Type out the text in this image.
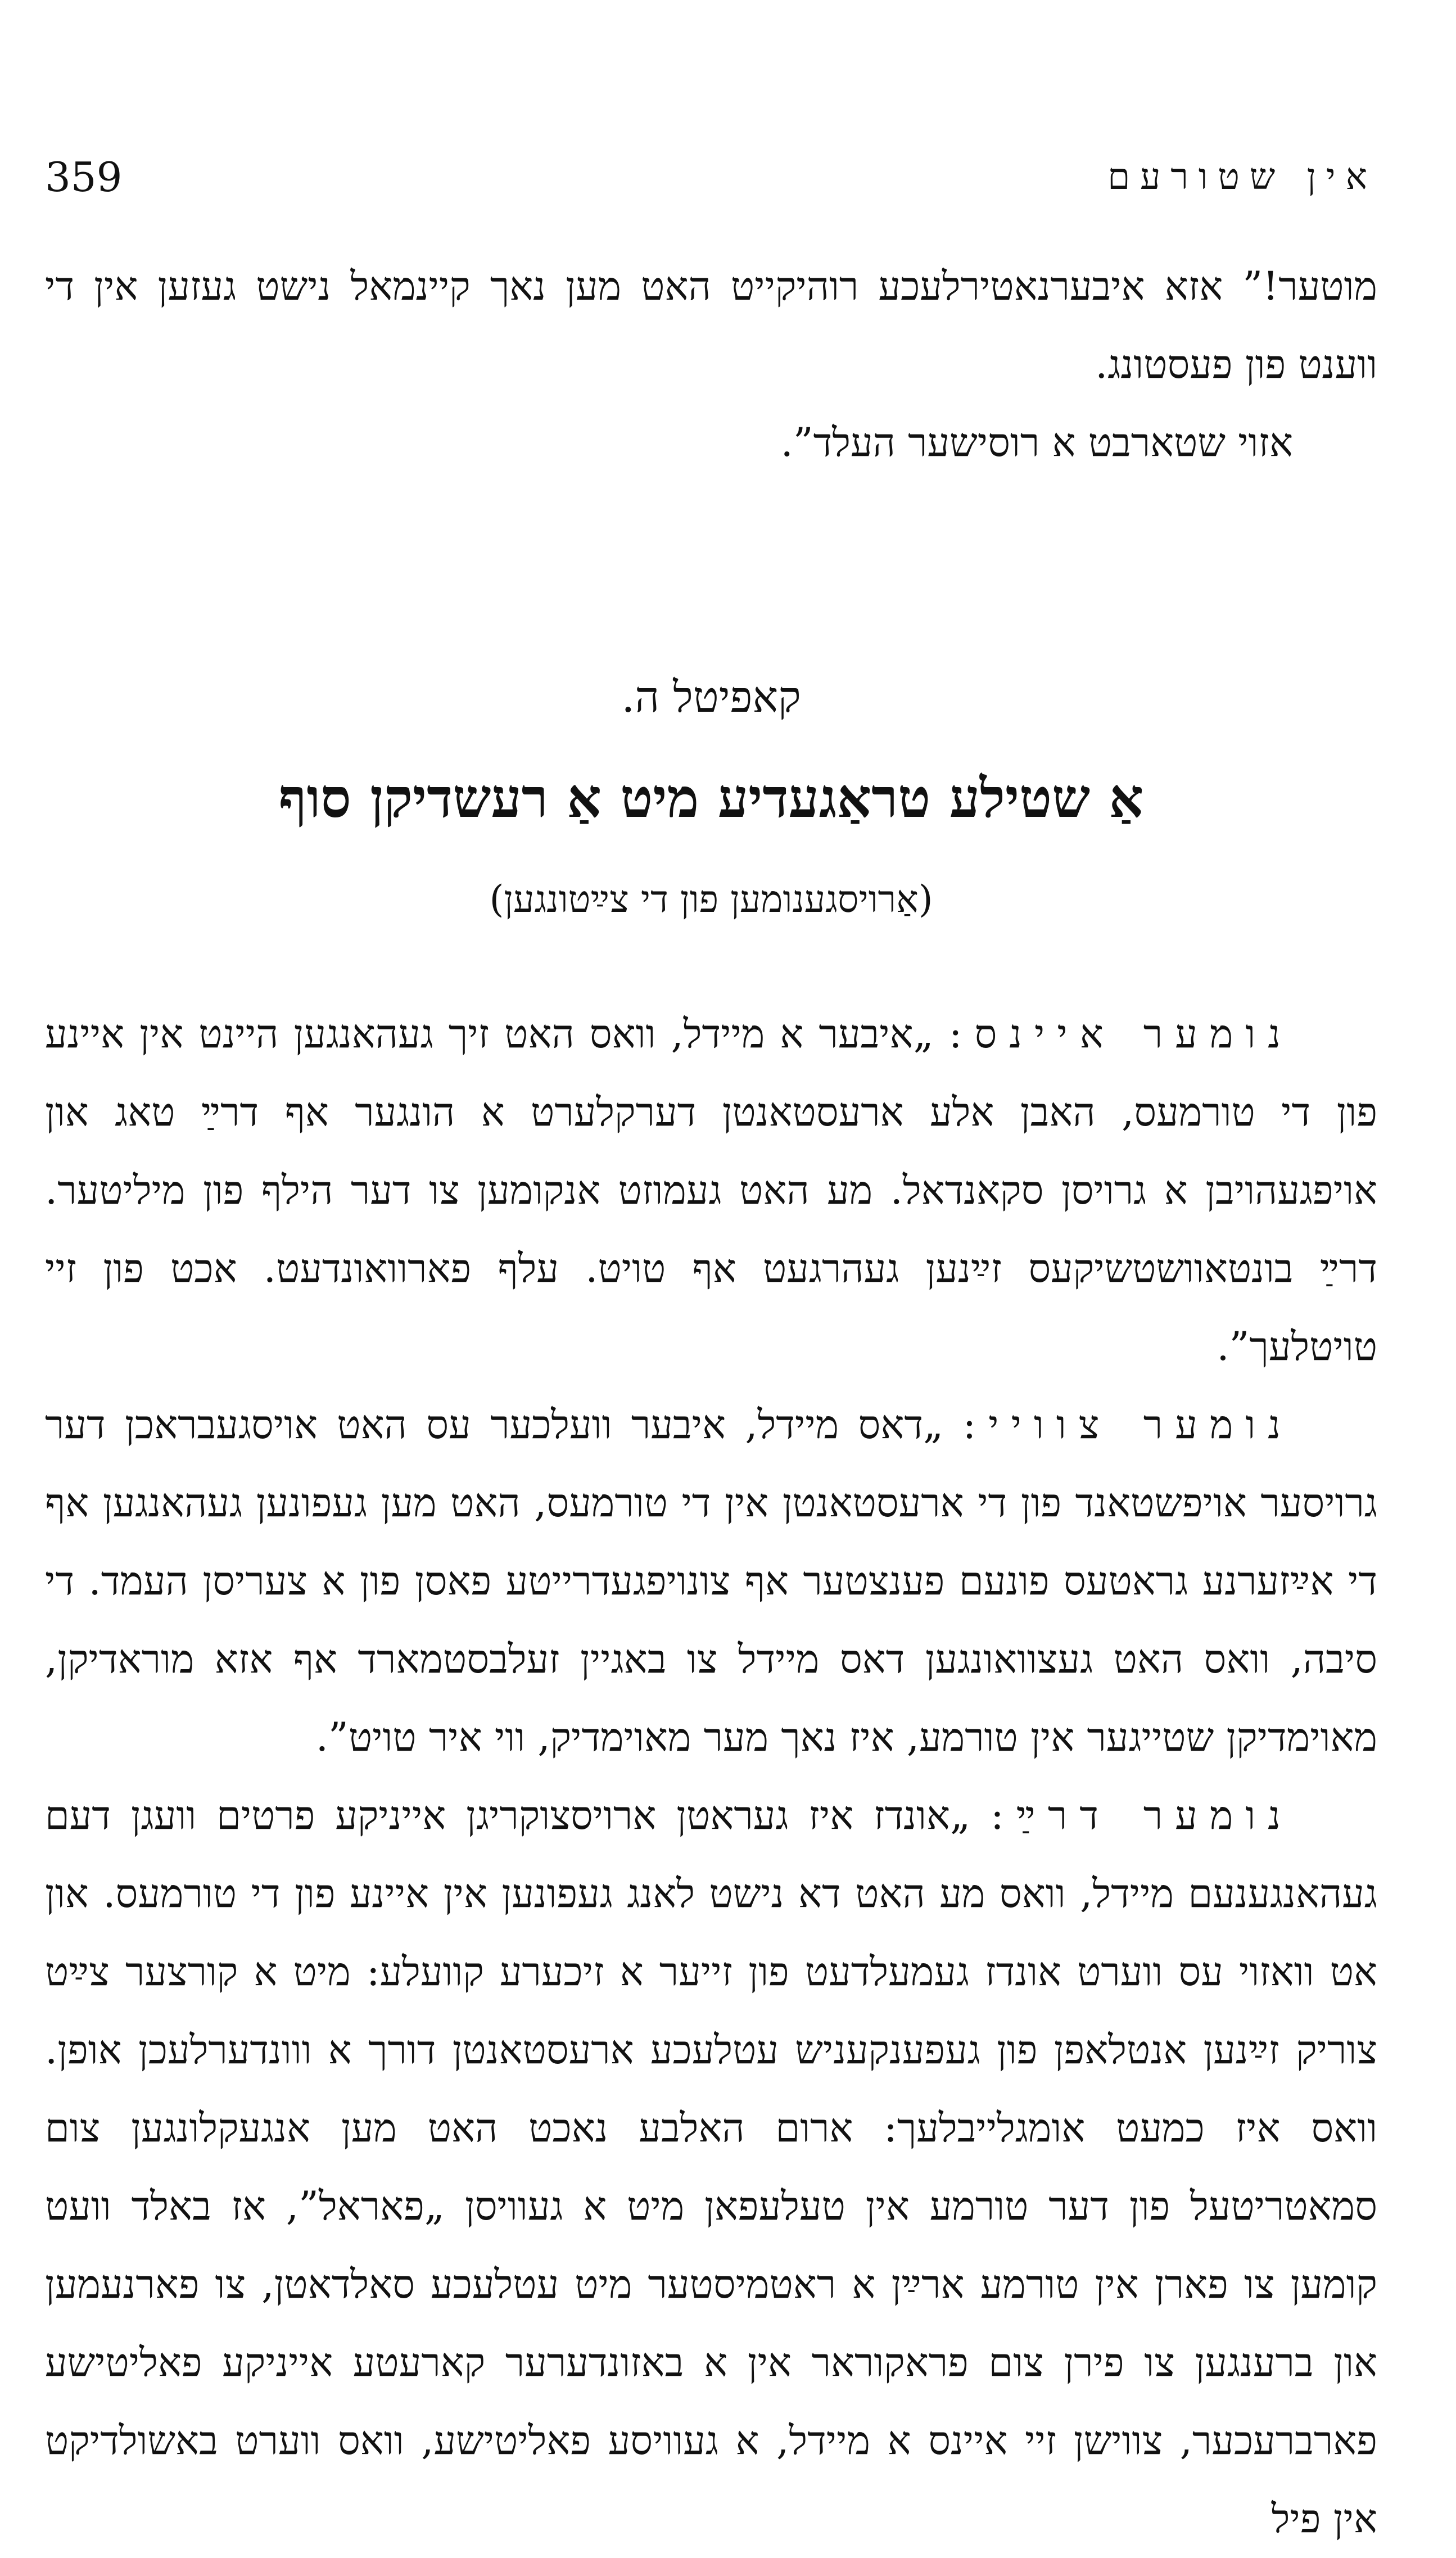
359	אין שטורעם

מוטער!” אזא איבערנאטירלעכע רוהיקייט האט מען נאך קיינמאל נישט געזען אין די ווענט פון פעסטונג.

אזוי שטארבט א רוסישער העלד”.

קאפיטל ה.
אַ שטילע טראַגעדיע מיט אַ רעשדיקן סוף
(אַרויסגענומען פון די צײַטונגען)

נומער איינס: „איבער א מיידל, וואס האט זיך געהאנגען היינט אין איינע פון די טורמעס, האבן אלע ארעסטאנטן דערקלערט א הונגער אף דרײַ טאג און אויפגעהויבן א גרויסן סקאנדאל. מע האט געמוזט אנקומען צו דער הילף פון מיליטער. דרײַ בונטאוושטשיקעס זײַנען געהרגעט אף טויט. עלף פארוואונדעט. אכט פון זיי טויטלעך”.

נומער צוויי: „דאס מיידל, איבער וועלכער עס האט אויסגעבראכן דער גרויסער אויפשטאנד פון די ארעסטאנטן אין די טורמעס, האט מען געפונען געהאנגען אף די אײַזערנע גראטעס פונעם פענצטער אף צונויפגעדרייטע פאסן פון א צעריסן העמד. די סיבה, וואס האט געצוואונגען דאס מיידל צו באגיין זעלבסטמארד אף אזא מוראדיקן, מאוימדיקן שטייגער אין טורמע, איז נאך מער מאוימדיק, ווי איר טויט”.

נומער דרײַ: „אונדז איז געראטן ארויסצוקריגן אייניקע פרטים וועגן דעם געהאנגענעם מיידל, וואס מע האט דא נישט לאנג געפונען אין איינע פון די טורמעס. און אט וואזוי עס ווערט אונדז געמעלדעט פון זייער א זיכערע קוועלע: מיט א קורצער צײַט צוריק זײַנען אנטלאפן פון געפענקעניש עטלעכע ארעסטאנטן דורך א ווונדערלעכן אופן. וואס איז כמעט אומגלייבלעך: ארום האלבע נאכט האט מען אנגעקלונגען צום סמאטריטעל פון דער טורמע אין טעלעפאן מיט א געוויסן „פאראל”, אז באלד וועט קומען צו פארן אין טורמע ארײַן א ראטמיסטער מיט עטלעכע סאלדאטן, צו פארנעמען און ברענגען צו פירן צום פראקוראר אין א באזונדערער קארעטע אייניקע פאליטישע פארברעכער, צווישן זיי איינס א מיידל, א געוויסע פאליטישע, וואס ווערט באשולדיקט אין פיל
